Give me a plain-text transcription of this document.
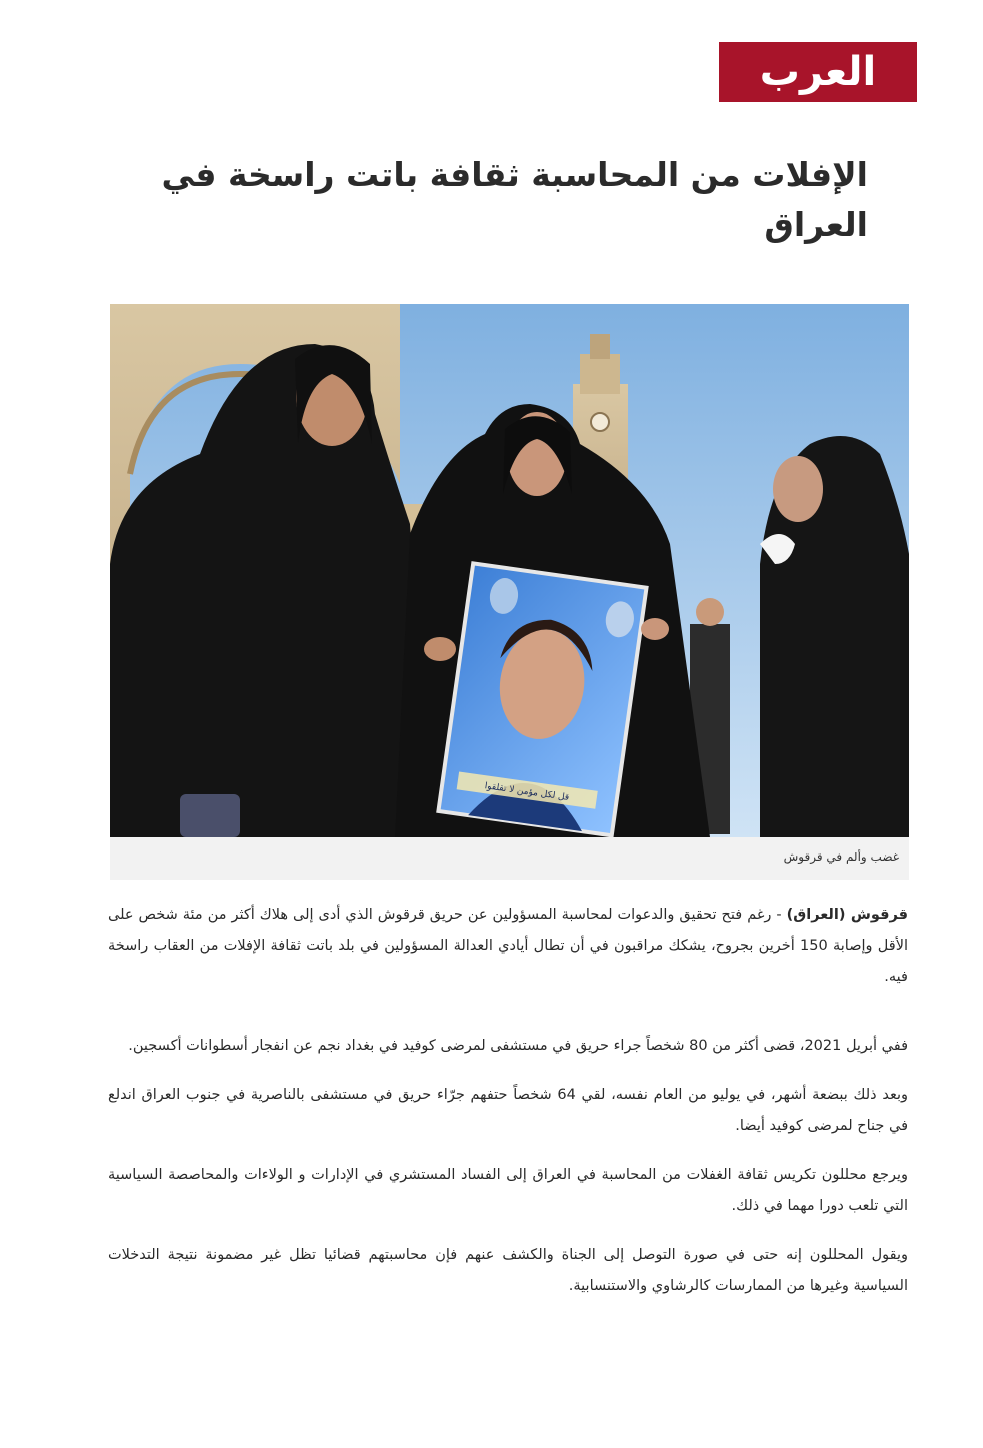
العرب
الإفلات من المحاسبة ثقافة باتت راسخة في العراق
قل لكل مؤمن لا تقلقوا
غضب وألم في قرقوش

قرقوش (العراق) - رغم فتح تحقيق والدعوات لمحاسبة المسؤولين عن حريق قرقوش الذي أدى إلى هلاك أكثر من مئة شخص على الأقل وإصابة 150 أخرين بجروح، يشكك مراقبون في أن تطال أيادي العدالة المسؤولين في بلد باتت ثقافة الإفلات من العقاب راسخة فيه.

ففي أبريل 2021، قضى أكثر من 80 شخصاً جراء حريق في مستشفى لمرضى كوفيد في بغداد نجم عن انفجار أسطوانات أكسجين.

وبعد ذلك ببضعة أشهر، في يوليو من العام نفسه، لقي 64 شخصاً حتفهم جرّاء حريق في مستشفى بالناصرية في جنوب العراق اندلع في جناح لمرضى كوفيد أيضا.

ويرجع محللون تكريس ثقافة الغفلات من المحاسبة في العراق إلى الفساد المستشري في الإدارات و الولاءات والمحاصصة السياسية التي تلعب دورا مهما في ذلك.

ويقول المحللون إنه حتى في صورة التوصل إلى الجناة والكشف عنهم فإن محاسبتهم قضائيا تظل غير مضمونة نتيجة التدخلات السياسية وغيرها من الممارسات كالرشاوي والاستنسابية.
